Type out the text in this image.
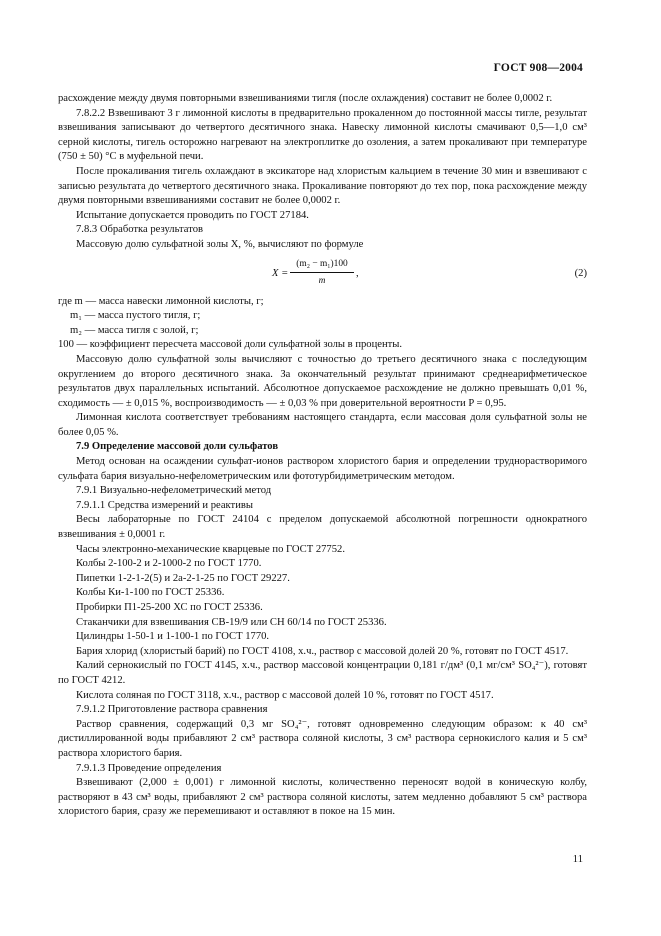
ГОСТ 908—2004

расхождение между двумя повторными взвешиваниями тигля (после охлаждения) составит не более 0,0002 г.

7.8.2.2 Взвешивают 3 г лимонной кислоты в предварительно прокаленном до постоянной массы тигле, результат взвешивания записывают до четвертого десятичного знака. Навеску лимонной кислоты смачивают 0,5—1,0 см³ серной кислоты, тигель осторожно нагревают на электроплитке до озоления, а затем прокаливают при температуре (750 ± 50) °С в муфельной печи.

После прокаливания тигель охлаждают в эксикаторе над хлористым кальцием в течение 30 мин и взвешивают с записью результата до четвертого десятичного знака. Прокаливание повторяют до тех пор, пока расхождение между двумя повторными взвешиваниями составит не более 0,0002 г.

Испытание допускается проводить по ГОСТ 27184.

7.8.3 Обработка результатов

Массовую долю сульфатной золы X, %, вычисляют по формуле

$X = \frac{\text{(m₂ − m₁)100}}{m}$ ,	(2)

где m — масса навески лимонной кислоты, г;

m₁ — масса пустого тигля, г;

m₂ — масса тигля с золой, г;

100 — коэффициент пересчета массовой доли сульфатной золы в проценты.

Массовую долю сульфатной золы вычисляют с точностью до третьего десятичного знака с последующим округлением до второго десятичного знака. За окончательный результат принимают среднеарифметическое результатов двух параллельных испытаний. Абсолютное допускаемое расхождение не должно превышать 0,01 %, сходимость — ± 0,015 %, воспроизводимость — ± 0,03 % при доверительной вероятности P = 0,95.

Лимонная кислота соответствует требованиям настоящего стандарта, если массовая доля сульфатной золы не более 0,05 %.

7.9 Определение массовой доли сульфатов

Метод основан на осаждении сульфат-ионов раствором хлористого бария и определении труднорастворимого сульфата бария визуально-нефелометрическим или фототурбидиметрическим методом.

7.9.1 Визуально-нефелометрический метод

7.9.1.1 Средства измерений и реактивы

Весы лабораторные по ГОСТ 24104 с пределом допускаемой абсолютной погрешности однократного взвешивания ± 0,0001 г.

Часы электронно-механические кварцевые по ГОСТ 27752.

Колбы 2-100-2 и 2-1000-2 по ГОСТ 1770.

Пипетки 1-2-1-2(5) и 2а-2-1-25 по ГОСТ 29227.

Колбы Ки-1-100 по ГОСТ 25336.

Пробирки П1-25-200 ХС по ГОСТ 25336.

Стаканчики для взвешивания СВ-19/9 или СН 60/14 по ГОСТ 25336.

Цилиндры 1-50-1 и 1-100-1 по ГОСТ 1770.

Бария хлорид (хлористый барий) по ГОСТ 4108, х.ч., раствор с массовой долей 20 %, готовят по ГОСТ 4517.

Калий сернокислый по ГОСТ 4145, х.ч., раствор массовой концентрации 0,181 г/дм³ (0,1 мг/см³ SO₄²⁻), готовят по ГОСТ 4212.

Кислота соляная по ГОСТ 3118, х.ч., раствор с массовой долей 10 %, готовят по ГОСТ 4517.

7.9.1.2 Приготовление раствора сравнения

Раствор сравнения, содержащий 0,3 мг SO₄²⁻, готовят одновременно следующим образом: к 40 см³ дистиллированной воды прибавляют 2 см³ раствора соляной кислоты, 3 см³ раствора сернокислого калия и 5 см³ раствора хлористого бария.

7.9.1.3 Проведение определения

Взвешивают (2,000 ± 0,001) г лимонной кислоты, количественно переносят водой в коническую колбу, растворяют в 43 см³ воды, прибавляют 2 см³ раствора соляной кислоты, затем медленно добавляют 5 см³ раствора хлористого бария, сразу же перемешивают и оставляют в покое на 15 мин.

11
